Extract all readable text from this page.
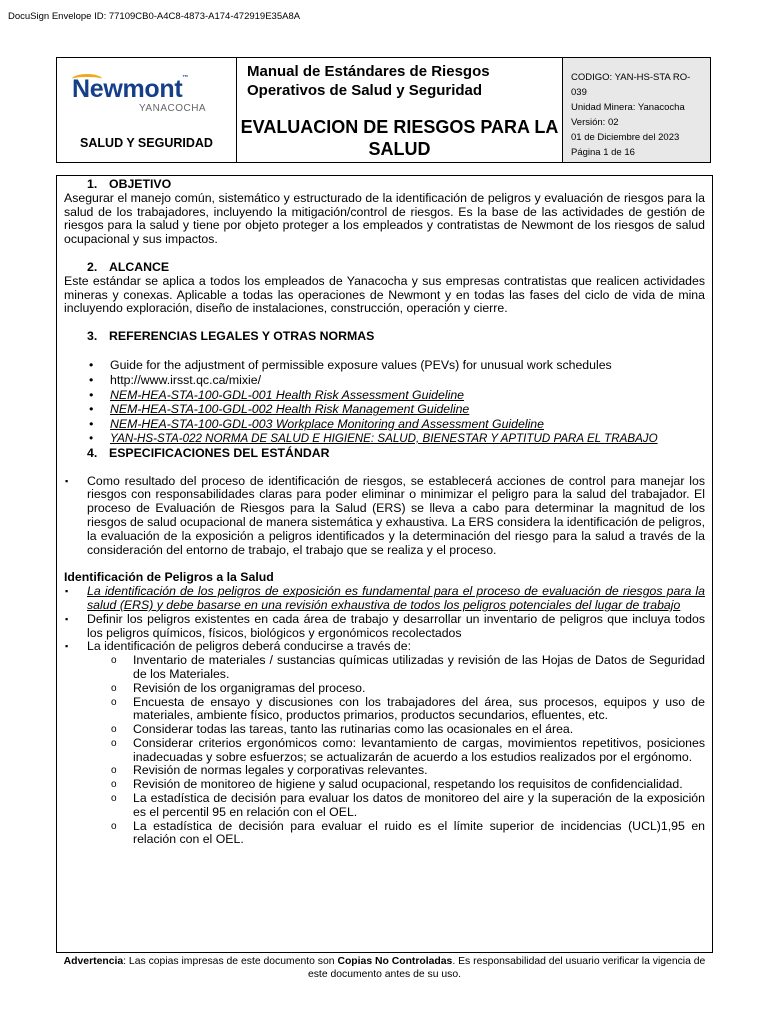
DocuSign Envelope ID: 77109CB0-A4C8-4873-A174-472919E35A8A
Newmont™
YANACOCHA
SALUD Y SEGURIDAD
Manual de Estándares de Riesgos Operativos de Salud y Seguridad
EVALUACION DE RIESGOS PARA LA SALUD
CODIGO: YAN-HS-STA RO-039
Unidad Minera: Yanacocha
Versión: 02
01 de Diciembre del 2023
Página 1 de 16
1. OBJETIVO

Asegurar el manejo común, sistemático y estructurado de la identificación de peligros y evaluación de riesgos para la salud de los trabajadores, incluyendo la mitigación/control de riesgos. Es la base de las actividades de gestión de riesgos para la salud y tiene por objeto proteger a los empleados y contratistas de Newmont de los riesgos de salud ocupacional y sus impactos.

2. ALCANCE

Este estándar se aplica a todos los empleados de Yanacocha y sus empresas contratistas que realicen actividades mineras y conexas. Aplicable a todas las operaciones de Newmont y en todas las fases del ciclo de vida de mina incluyendo exploración, diseño de instalaciones, construcción, operación y cierre.

3. REFERENCIAS LEGALES Y OTRAS NORMAS
• Guide for the adjustment of permissible exposure values (PEVs) for unusual work schedules
• http://www.irsst.qc.ca/mixie/
• NEM-HEA-STA-100-GDL-001 Health Risk Assessment Guideline
• NEM-HEA-STA-100-GDL-002 Health Risk Management Guideline
• NEM-HEA-STA-100-GDL-003 Workplace Monitoring and Assessment Guideline
• YAN-HS-STA-022 NORMA DE SALUD E HIGIENE: SALUD, BIENESTAR Y APTITUD PARA EL TRABAJO
4. ESPECIFICACIONES DEL ESTÁNDAR
▪ Como resultado del proceso de identificación de riesgos, se establecerá acciones de control para manejar los riesgos con responsabilidades claras para poder eliminar o minimizar el peligro para la salud del trabajador. El proceso de Evaluación de Riesgos para la Salud (ERS) se lleva a cabo para determinar la magnitud de los riesgos de salud ocupacional de manera sistemática y exhaustiva. La ERS considera la identificación de peligros, la evaluación de la exposición a peligros identificados y la determinación del riesgo para la salud a través de la consideración del entorno de trabajo, el trabajo que se realiza y el proceso.
Identificación de Peligros a la Salud
▪ La identificación de los peligros de exposición es fundamental para el proceso de evaluación de riesgos para la salud (ERS) y debe basarse en una revisión exhaustiva de todos los peligros potenciales del lugar de trabajo
▪ Definir los peligros existentes en cada área de trabajo y desarrollar un inventario de peligros que incluya todos los peligros químicos, físicos, biológicos y ergonómicos recolectados
▪ La identificación de peligros deberá conducirse a través de:
o Inventario de materiales / sustancias químicas utilizadas y revisión de las Hojas de Datos de Seguridad de los Materiales.
o Revisión de los organigramas del proceso.
o Encuesta de ensayo y discusiones con los trabajadores del área, sus procesos, equipos y uso de materiales, ambiente físico, productos primarios, productos secundarios, efluentes, etc.
o Considerar todas las tareas, tanto las rutinarias como las ocasionales en el área.
o Considerar criterios ergonómicos como: levantamiento de cargas, movimientos repetitivos, posiciones inadecuadas y sobre esfuerzos; se actualizarán de acuerdo a los estudios realizados por el ergónomo.
o Revisión de normas legales y corporativas relevantes.
o Revisión de monitoreo de higiene y salud ocupacional, respetando los requisitos de confidencialidad.
o La estadística de decisión para evaluar los datos de monitoreo del aire y la superación de la exposición es el percentil 95 en relación con el OEL.
o La estadística de decisión para evaluar el ruido es el límite superior de incidencias (UCL)1,95 en relación con el OEL.
Advertencia: Las copias impresas de este documento son Copias No Controladas. Es responsabilidad del usuario verificar la vigencia de este documento antes de su uso.
